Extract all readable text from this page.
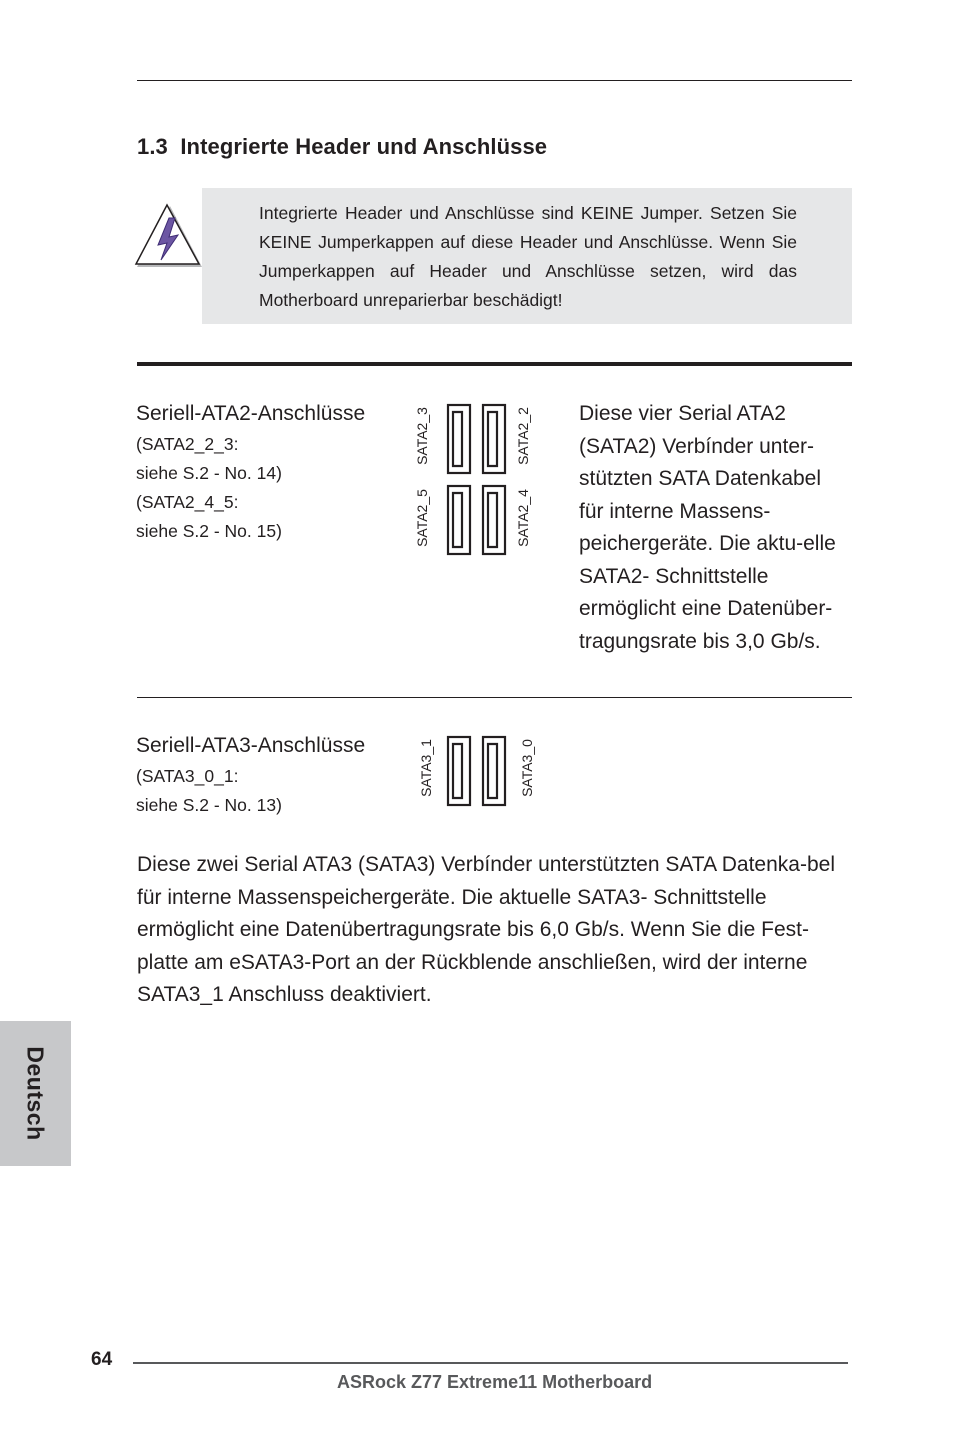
1.3 Integrierte Header und Anschlüsse
Integrierte Header und Anschlüsse sind KEINE Jumper. Setzen Sie KEINE Jumperkappen auf diese Header und Anschlüsse. Wenn Sie Jumperkappen auf Header und Anschlüsse setzen, wird das Motherboard unreparierbar beschädigt!
Seriell-ATA2-Anschlüsse
(SATA2_2_3:
siehe S.2 - No. 14)
(SATA2_4_5:
siehe S.2 - No. 15)
SATA2_3	SATA2_2
SATA2_5	SATA2_4
Diese vier Serial ATA2 (SATA2) Verbínder unter-stützten SATA Datenkabel für interne Massens-peichergeräte. Die aktu-elle SATA2- Schnittstelle ermöglicht eine Datenüber-tragungsrate bis 3,0 Gb/s.
Seriell-ATA3-Anschlüsse
(SATA3_0_1:
siehe S.2 - No. 13)
SATA3_1	SATA3_0
Diese zwei Serial ATA3 (SATA3) Verbínder unterstützten SATA Datenka-bel für interne Massenspeichergeräte. Die aktuelle SATA3- Schnittstelle ermöglicht eine Datenübertragungsrate bis 6,0 Gb/s. Wenn Sie die Fest-platte am eSATA3-Port an der Rückblende anschließen, wird der interne SATA3_1 Anschluss deaktiviert.
Deutsch
64
ASRock Z77 Extreme11 Motherboard
